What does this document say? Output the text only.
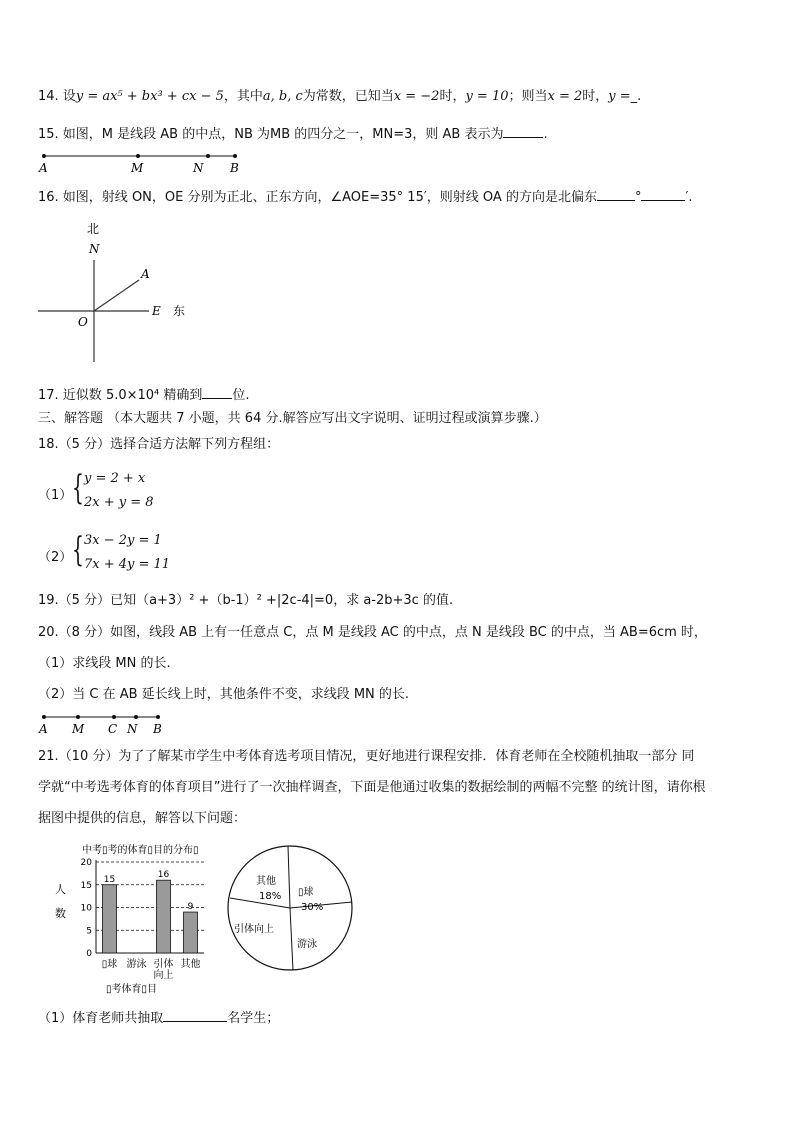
14. 设y = ax⁵ + bx³ + cx − 5，其中a, b, c为常数，已知当x = −2时，y = 10；则当x = 2时，y =_.
15. 如图，M 是线段 AB 的中点，NB 为MB 的四分之一，MN=3，则 AB 表示为	.
A	M	N B
16. 如图，射线 ON，OE 分别为正北、正东方向，∠AOE=35° 15′，则射线 OA 的方向是北偏东	°	′.
北
N
A
O
E 东
17. 近似数 5.0×10⁴ 精确到 位.
三、解答题 （本大题共 7 小题，共 64 分.解答应写出文字说明、证明过程或演算步骤.）
18.（5 分）选择合适方法解下列方程组：
（1） { y = 2 + x
2x + y = 8
（2） { 3x − 2y = 1
7x + 4y = 11
19.（5 分）已知（a+3）² +（b-1）² +|2c-4|=0，求 a-2b+3c 的值.
20.（8 分）如图，线段 AB 上有一任意点 C，点 M 是线段 AC 的中点，点 N 是线段 BC 的中点，当 AB=6cm 时，
（1）求线段 MN 的长.
（2）当 C 在 AB 延长线上时，其他条件不变，求线段 MN 的长.
A M C N B
21.（10 分）为了了解某市学生中考体育选考项目情况，更好地进行课程安排．体育老师在全校随机抽取一部分 同
学就“中考选考体育的体育项目”进行了一次抽样调查，下面是他通过收集的数据绘制的两幅不完整 的统计图，请你根
据图中提供的信息，解答以下问题：
中考▯考的体育▯目的分布▯
人
数
0
5
10
15
20
15	16
9
▯球 游泳 引体
向上
其他
▯考体育▯目
其他
18% ▯球
30%
游泳
引体向上
（1）体育老师共抽取	名学生；
